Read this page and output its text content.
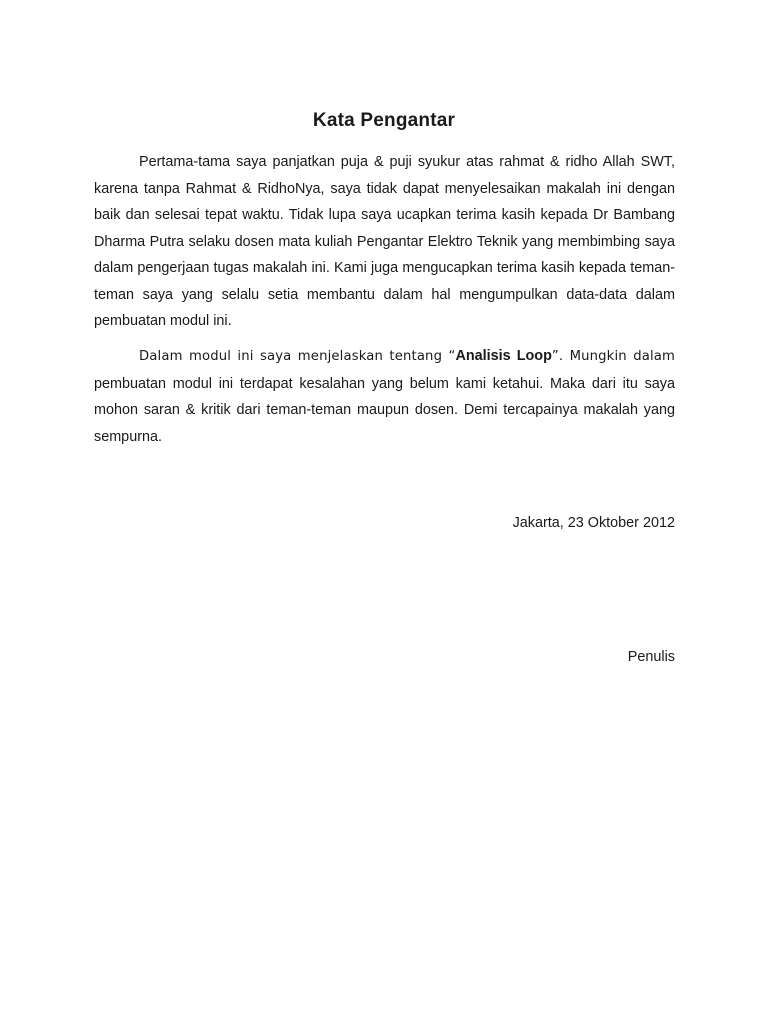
Kata Pengantar

Pertama-tama saya panjatkan puja & puji syukur atas rahmat & ridho Allah SWT, karena tanpa Rahmat & RidhoNya, saya tidak dapat menyelesaikan makalah ini dengan baik dan selesai tepat waktu. Tidak lupa saya ucapkan terima kasih kepada Dr Bambang Dharma Putra selaku dosen mata kuliah Pengantar Elektro Teknik yang membimbing saya dalam pengerjaan tugas makalah ini. Kami juga mengucapkan terima kasih kepada teman-teman saya yang selalu setia membantu dalam hal mengumpulkan data-data dalam pembuatan modul ini.

Dalam modul ini saya menjelaskan tentang “Analisis Loop”. Mungkin dalam pembuatan modul ini terdapat kesalahan yang belum kami ketahui. Maka dari itu saya mohon saran & kritik dari teman-teman maupun dosen. Demi tercapainya makalah yang sempurna.

Jakarta, 23 Oktober 2012

Penulis
